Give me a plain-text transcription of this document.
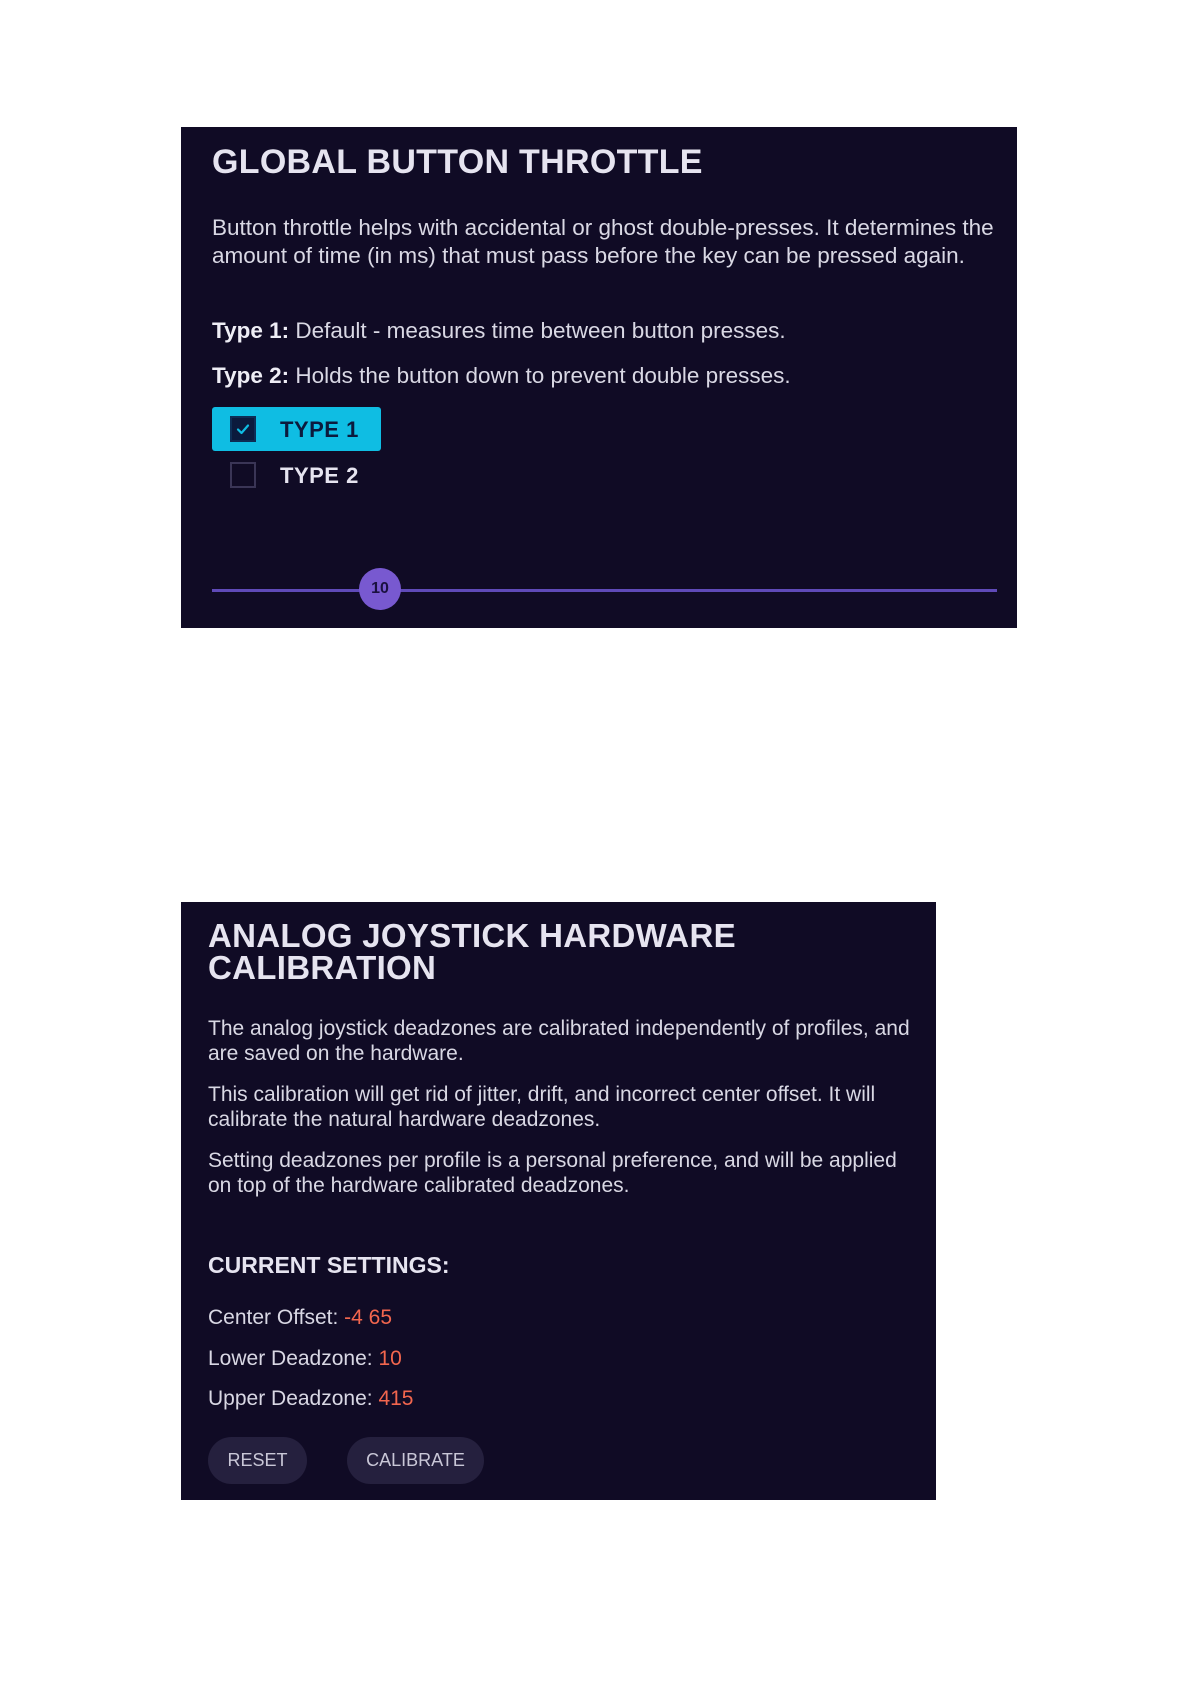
GLOBAL BUTTON THROTTLE

Button throttle helps with accidental or ghost double-presses. It determines the amount of time (in ms) that must pass before the key can be pressed again.

Type 1: Default - measures time between button presses.

Type 2: Holds the button down to prevent double presses.

TYPE 1
TYPE 2
10
ANALOG JOYSTICK HARDWARE CALIBRATION

The analog joystick deadzones are calibrated independently of profiles, and are saved on the hardware.

This calibration will get rid of jitter, drift, and incorrect center offset. It will calibrate the natural hardware deadzones.

Setting deadzones per profile is a personal preference, and will be applied on top of the hardware calibrated deadzones.

CURRENT SETTINGS:
Center Offset: -4 65
Lower Deadzone: 10
Upper Deadzone: 415
RESET	CALIBRATE
